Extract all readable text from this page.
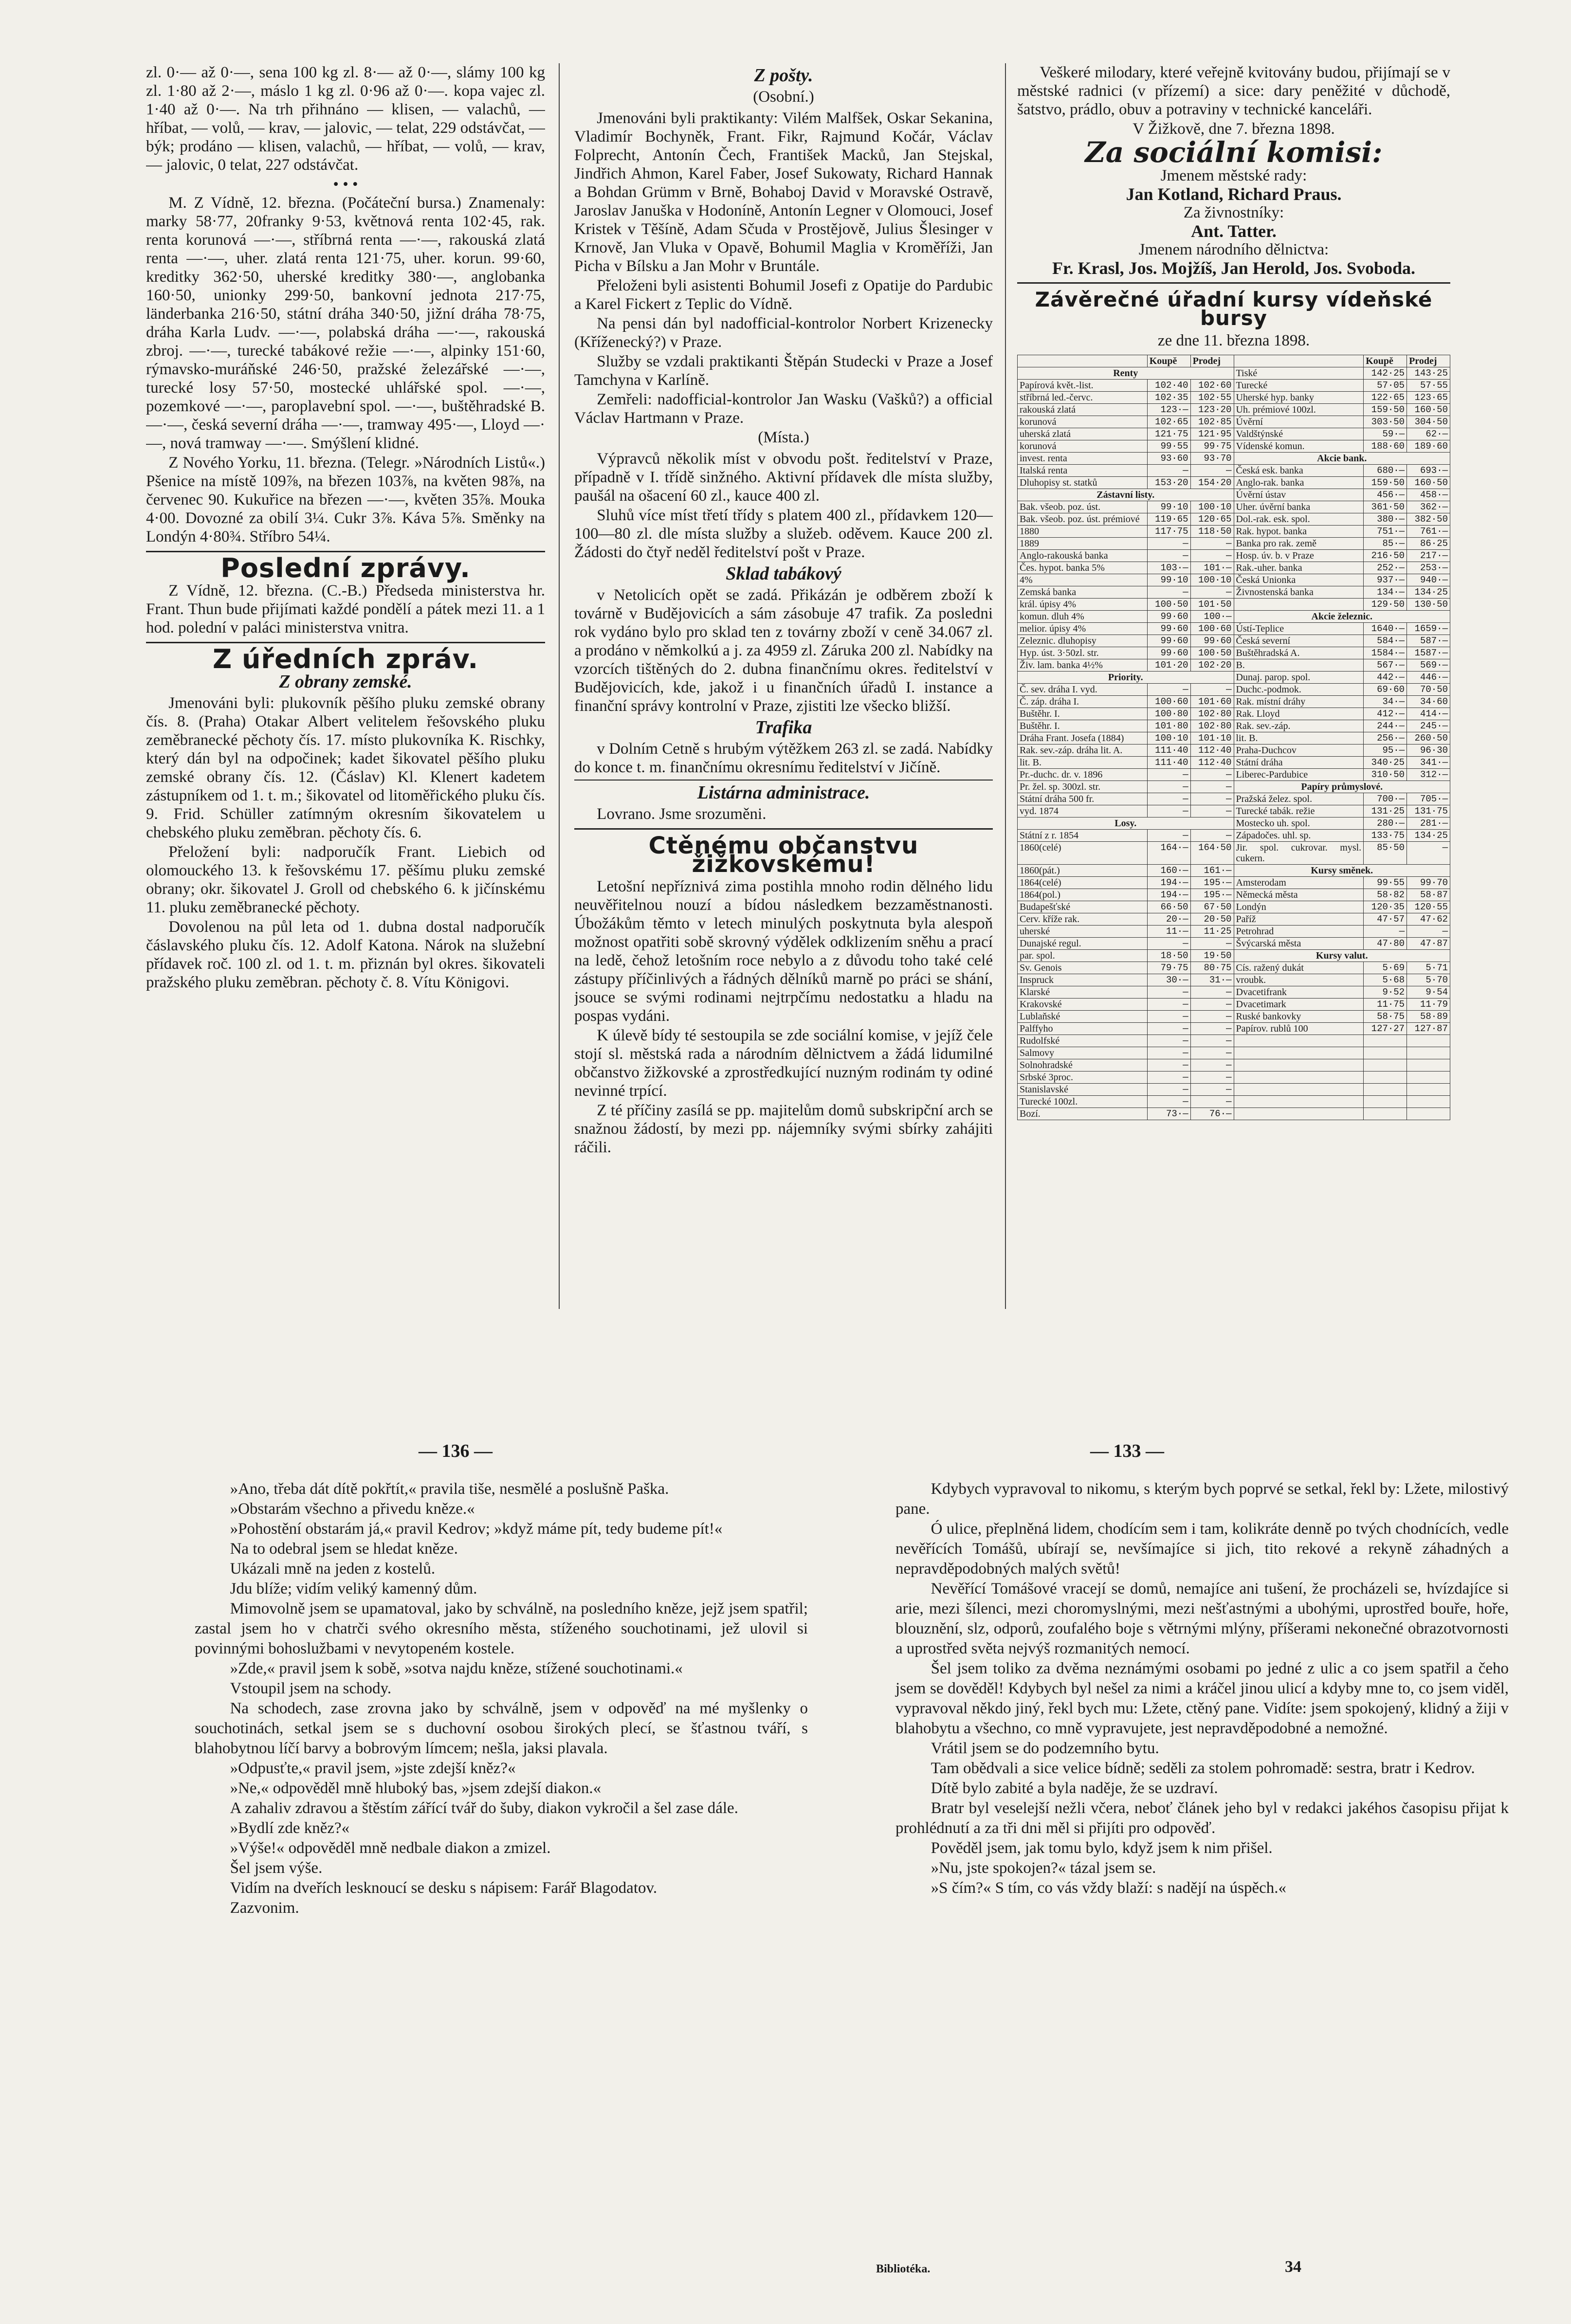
zl. 0·— až 0·—, sena 100 kg zl. 8·— až 0·—, slámy 100 kg zl. 1·80 až 2·—, máslo 1 kg zl. 0·96 až 0·—. kopa vajec zl. 1·40 až 0·—. Na trh přihnáno — klisen, — valachů, — hříbat, — volů, — krav, — jalovic, — telat, 229 odstávčat, — býk; prodáno — klisen, valachů, — hříbat, — volů, — krav, — jalovic, 0 telat, 227 odstávčat.

• • •

M. Z Vídně, 12. března. (Počáteční bursa.) Znamenaly: marky 58·77, 20franky 9·53, květnová renta 102·45, rak. renta korunová —·—, stříbrná renta —·—, rakouská zlatá renta —·—, uher. zlatá renta 121·75, uher. korun. 99·60, kreditky 362·50, uherské kreditky 380·—, anglobanka 160·50, unionky 299·50, bankovní jednota 217·75, länderbanka 216·50, státní dráha 340·50, jižní dráha 78·75, dráha Karla Ludv. —·—, polabská dráha —·—, rakouská zbroj. —·—, turecké tabákové režie —·—, alpinky 151·60, rýmavsko-muráňské 246·50, pražské železářské —·—, turecké losy 57·50, mostecké uhlářské spol. —·—, pozemkové —·—, paroplavební spol. —·—, buštěhradské B. —·—, česká severní dráha —·—, tramway 495·—, Lloyd —·—, nová tramway —·—. Smýšlení klidné.

Z Nového Yorku, 11. března. (Telegr. »Národních Listů«.) Pšenice na místě 109⅞, na březen 103⅞, na květen 98⅞, na červenec 90. Kukuřice na březen —·—, květen 35⅞. Mouka 4·00. Dovozné za obilí 3¼. Cukr 3⅞. Káva 5⅞. Směnky na Londýn 4·80¾. Stříbro 54¼.

Poslední zprávy.

Z Vídně, 12. března. (C.-B.) Předseda ministerstva hr. Frant. Thun bude přijímati každé pondělí a pátek mezi 11. a 1 hod. polední v paláci ministerstva vnitra.

Z úředních zpráv.
Z obrany zemské.

Jmenováni byli: plukovník pěšího pluku zemské obrany čís. 8. (Praha) Otakar Albert velitelem řešovského pluku zeměbranecké pěchoty čís. 17. místo plukovníka K. Rischky, který dán byl na odpočinek; kadet šikovatel pěšího pluku zemské obrany čís. 12. (Čáslav) Kl. Klenert kadetem zástupníkem od 1. t. m.; šikovatel od litoměřického pluku čís. 9. Frid. Schüller zatímným okresním šikovatelem u chebského pluku zeměbran. pěchoty čís. 6.

Přeložení byli: nadporučík Frant. Liebich od olomouckého 13. k řešovskému 17. pěšímu pluku zemské obrany; okr. šikovatel J. Groll od chebského 6. k jičínskému 11. pluku zeměbranecké pěchoty.

Dovolenou na půl leta od 1. dubna dostal nadporučík čáslavského pluku čís. 12. Adolf Katona. Nárok na služební přídavek roč. 100 zl. od 1. t. m. přiznán byl okres. šikovateli pražského pluku zeměbran. pěchoty č. 8. Vítu Königovi.

Z pošty.
(Osobní.)

Jmenováni byli praktikanty: Vilém Malfšek, Oskar Sekanina, Vladimír Bochyněk, Frant. Fikr, Rajmund Kočár, Václav Folprecht, Antonín Čech, František Macků, Jan Stejskal, Jindřich Ahmon, Karel Faber, Josef Sukowaty, Richard Hannak a Bohdan Grümm v Brně, Bohaboj David v Moravské Ostravě, Jaroslav Januška v Hodoníně, Antonín Legner v Olomouci, Josef Kristek v Těšíně, Adam Sčuda v Prostějově, Julius Šlesinger v Krnově, Jan Vluka v Opavě, Bohumil Maglia v Kroměříži, Jan Picha v Bílsku a Jan Mohr v Bruntále.

Přeloženi byli asistenti Bohumil Josefi z Opatije do Pardubic a Karel Fickert z Teplic do Vídně.

Na pensi dán byl nadofficial-kontrolor Norbert Krizenecky (Kříženecký?) v Praze.

Služby se vzdali praktikanti Štěpán Studecki v Praze a Josef Tamchyna v Karlíně.

Zemřeli: nadofficial-kontrolor Jan Wasku (Vašků?) a official Václav Hartmann v Praze.

(Místa.)

Výpravců několik míst v obvodu pošt. ředitelství v Praze, případně v I. třídě sinžného. Aktivní přídavek dle místa služby, paušál na ošacení 60 zl., kauce 400 zl.

Sluhů více míst třetí třídy s platem 400 zl., přídavkem 120—100—80 zl. dle místa služby a služeb. oděvem. Kauce 200 zl. Žádosti do čtyř neděl ředitelství pošt v Praze.

Sklad tabákový

v Netolicích opět se zadá. Přikázán je odběrem zboží k továrně v Budějovicích a sám zásobuje 47 trafik. Za posledni rok vydáno bylo pro sklad ten z továrny zboží v ceně 34.067 zl. a prodáno v němkolkú a j. za 4959 zl. Záruka 200 zl. Nabídky na vzorcích tištěných do 2. dubna finančnímu okres. ředitelství v Budějovicích, kde, jakož i u finančních úřadů I. instance a finanční správy kontrolní v Praze, zjistiti lze všecko bližší.

Trafika

v Dolním Cetně s hrubým výtěžkem 263 zl. se zadá. Nabídky do konce t. m. finančnímu okresnímu ředitelství v Jičíně.

Listárna administrace.

Lovrano. Jsme srozuměni.

Ctěnému občanstvu žižkovskému!

Letošní nepříznivá zima postihla mnoho rodin dělného lidu neuvěřitelnou nouzí a bídou následkem bezzaměstnanosti. Úbožákům těmto v letech minulých poskytnuta byla alespoň možnost opatřiti sobě skrovný výdělek odklizením sněhu a prací na ledě, čehož letošním roce nebylo a z důvodu toho také celé zástupy příčinlivých a řádných dělníků marně po práci se shání, jsouce se svými rodinami nejtrpčímu nedostatku a hladu na pospas vydáni.

K úlevě bídy té sestoupila se zde sociální komise, v jejíž čele stojí sl. městská rada a národním dělnictvem a žádá lidumilné občanstvo žižkovské a zprostředkující nuzným rodinám ty odiné nevinné trpící.

Z té příčiny zasílá se pp. majitelům domů subskripční arch se snažnou žádostí, by mezi pp. nájemníky svými sbírky zahájiti ráčili.

Veškeré milodary, které veřejně kvitovány budou, přijímají se v městské radnici (v přízemí) a sice: dary peněžité v důchodě, šatstvo, prádlo, obuv a potraviny v technické kanceláři.

V Žižkově, dne 7. března 1898.

Za sociální komisi:
Jmenem městské rady:
Jan Kotland, Richard Praus.
Za živnostníky:
Ant. Tatter.
Jmenem národního dělnictva:
Fr. Krasl, Jos. Mojžíš, Jan Herold, Jos. Svoboda.
Závěrečné úřadní kursy vídeňské bursy
ze dne 11. března 1898.
	Koupě	Prodej		Koupě	Prodej
Renty			Tiské	142·25	143·25
Papírová květ.-list.	102·40	102·60	Turecké	57·05	57·55
stříbrná led.-červc.	102·35	102·55	Uherské hyp. banky	122·65	123·65
rakouská zlatá	123·—	123·20	Uh. prémiové 100zl.	159·50	160·50
korunová	102·65	102·85	Úvěrní	303·50	304·50
uherská zlatá	121·75	121·95	Valdštýnské	59·—	62·—
korunová	99·55	99·75	Vídenské komun.	188·60	189·60
invest. renta	93·60	93·70	Akcie bank.		
Italská renta	—	—	Česká esk. banka	680·—	693·—
Dluhopisy st. statků	153·20	154·20	Anglo-rak. banka	159·50	160·50
Zástavní listy.			Úvěrní ústav	456·—	458·—
Bak. všeob. poz. úst.	99·10	100·10	Uher. úvěrní banka	361·50	362·—
Bak. všeob. poz. úst. prémiové	119·65	120·65	Dol.-rak. esk. spol.	380·—	382·50
1880	117·75	118·50	Rak. hypot. banka	751·—	761·—
1889	—	—	Banka pro rak. země	85·—	86·25
Anglo-rakouská banka	—	—	Hosp. úv. b. v Praze	216·50	217·—
Čes. hypot. banka 5%	103·—	101·—	Rak.-uher. banka	252·—	253·—
4%	99·10	100·10	Česká Unionka	937·—	940·—
Zemská banka	—	—	Živnostenská banka	134·—	134·25
král. úpisy 4%	100·50	101·50		129·50	130·50
komun. dluh 4%	99·60	100·—	Akcie železnic.		
melior. úpisy 4%	99·60	100·60	Ústí-Teplice	1640·—	1659·—
Zeleznic. dluhopisy	99·60	99·60	Česká severní	584·—	587·—
Hyp. úst. 3·50zl. str.	99·60	100·50	Buštěhradská A.	1584·—	1587·—
Živ. lam. banka 4½%	101·20	102·20	B.	567·—	569·—
Priority.			Dunaj. parop. spol.	442·—	446·—
Č. sev. dráha I. vyd.	—	—	Duchc.-podmok.	69·60	70·50
Č. záp. dráha I.	100·60	101·60	Rak. místní dráhy	34·—	34·60
Buštěhr. I.	100·80	102·80	Rak. Lloyd	412·—	414·—
Buštěhr. I.	101·80	102·80	Rak. sev.-záp.	244·—	245·—
Dráha Frant. Josefa (1884)	100·10	101·10	lit. B.	256·—	260·50
Rak. sev.-záp. dráha lit. A.	111·40	112·40	Praha-Duchcov	95·—	96·30
lit. B.	111·40	112·40	Státní dráha	340·25	341·—
Pr.-duchc. dr. v. 1896	—	—	Liberec-Pardubice	310·50	312·—
Pr. žel. sp. 300zl. str.	—	—	Papíry průmyslové.		
Státní dráha 500 fr.	—	—	Pražská želez. spol.	700·—	705·—
vyd. 1874	—	—	Turecké tabák. režie	131·25	131·75
Losy.			Mostecko uh. spol.	280·—	281·—
Státní z r. 1854	—	—	Západočes. uhl. sp.	133·75	134·25
1860(celé)	164·—	164·50	Jir. spol. cukrovar. mysl. cukern.	85·50	—
1860(pát.)	160·—	161·—	Kursy směnek.		
1864(celé)	194·—	195·—	Amsterodam	99·55	99·70
1864(pol.)	194·—	195·—	Německá města	58·82	58·87
Budapešťské	66·50	67·50	Londýn	120·35	120·55
Cerv. kříže rak.	20·—	20·50	Paříž	47·57	47·62
uherské	11·—	11·25	Petrohrad	—	—
Dunajské regul.	—	—	Švýcarská města	47·80	47·87
par. spol.	18·50	19·50	Kursy valut.		
Sv. Genois	79·75	80·75	Cís. ražený dukát	5·69	5·71
Inspruck	30·—	31·—	vroubk.	5·68	5·70
Klarské	—	—	Dvacetifrank	9·52	9·54
Krakovské	—	—	Dvacetimark	11·75	11·79
Lublaňské	—	—	Ruské bankovky	58·75	58·89
Palffyho	—	—	Papírov. rublů 100	127·27	127·87
Rudolfské	—	—			
Salmovy	—	—			
Solnohradské	—	—			
Srbské 3proc.	—	—			
Stanislavské	—	—			
Turecké 100zl.	—	—			
Bozí.	73·—	76·—			
— 136 —	— 133 —

»Ano, třeba dát dítě pokřtít,« pravila tiše, nesmělé a poslušně Paška.

»Obstarám všechno a přivedu kněze.«

»Pohostění obstarám já,« pravil Kedrov; »když máme pít, tedy budeme pít!«

Na to odebral jsem se hledat kněze.

Ukázali mně na jeden z kostelů.

Jdu blíže; vidím veliký kamenný dům.

Mimovolně jsem se upamatoval, jako by schválně, na posledního kněze, jejž jsem spatřil; zastal jsem ho v chatrči svého okresního města, stíženého souchotinami, jež ulovil si povinnými bohoslužbami v nevytopeném kostele.

»Zde,« pravil jsem k sobě, »sotva najdu kněze, stížené souchotinami.«

Vstoupil jsem na schody.

Na schodech, zase zrovna jako by schválně, jsem v odpověď na mé myšlenky o souchotinách, setkal jsem se s duchovní osobou širokých plecí, se šťastnou tváří, s blahobytnou líčí barvy a bobrovým límcem; nešla, jaksi plavala.

»Odpusťte,« pravil jsem, »jste zdejší kněz?«

»Ne,« odpověděl mně hluboký bas, »jsem zdejší diakon.«

A zahaliv zdravou a štěstím zářící tvář do šuby, diakon vykročil a šel zase dále.

»Bydlí zde kněz?«

»Výše!« odpověděl mně nedbale diakon a zmizel.

Šel jsem výše.

Vidím na dveřích lesknoucí se desku s nápisem: Farář Blagodatov.

Zazvonim.

Kdybych vypravoval to nikomu, s kterým bych poprvé se setkal, řekl by: Lžete, milostivý pane.

Ó ulice, přeplněná lidem, chodícím sem i tam, kolikráte denně po tvých chodnících, vedle nevěřících Tomášů, ubírají se, nevšímajíce si jich, tito rekové a rekyně záhadných a nepravděpodobných malých světů!

Nevěřící Tomášové vracejí se domů, nemajíce ani tušení, že procházeli se, hvízdajíce si arie, mezi šílenci, mezi choromyslnými, mezi nešťastnými a ubohými, uprostřed bouře, hoře, blouznění, slz, odporů, zoufalého boje s větrnými mlýny, příšerami nekonečné obrazotvornosti a uprostřed světa nejvýš rozmanitých nemocí.

Šel jsem toliko za dvěma neznámými osobami po jedné z ulic a co jsem spatřil a čeho jsem se dověděl! Kdybych byl nešel za nimi a kráčel jinou ulicí a kdyby mne to, co jsem viděl, vypravoval někdo jiný, řekl bych mu: Lžete, ctěný pane. Vidíte: jsem spokojený, klidný a žiji v blahobytu a všechno, co mně vypravujete, jest nepravděpodobné a nemožné.

Vrátil jsem se do podzemního bytu.

Tam obědvali a sice velice bídně; seděli za stolem pohromadě: sestra, bratr i Kedrov.

Dítě bylo zabité a byla naděje, že se uzdraví.

Bratr byl veselejší nežli včera, neboť článek jeho byl v redakci jakéhos časopisu přijat k prohlédnutí a za tři dni měl si přijíti pro odpověď.

Pověděl jsem, jak tomu bylo, když jsem k nim přišel.

»Nu, jste spokojen?« tázal jsem se.

»S čím?« S tím, co vás vždy blaží: s nadějí na úspěch.«

Bibliotéka.	34
